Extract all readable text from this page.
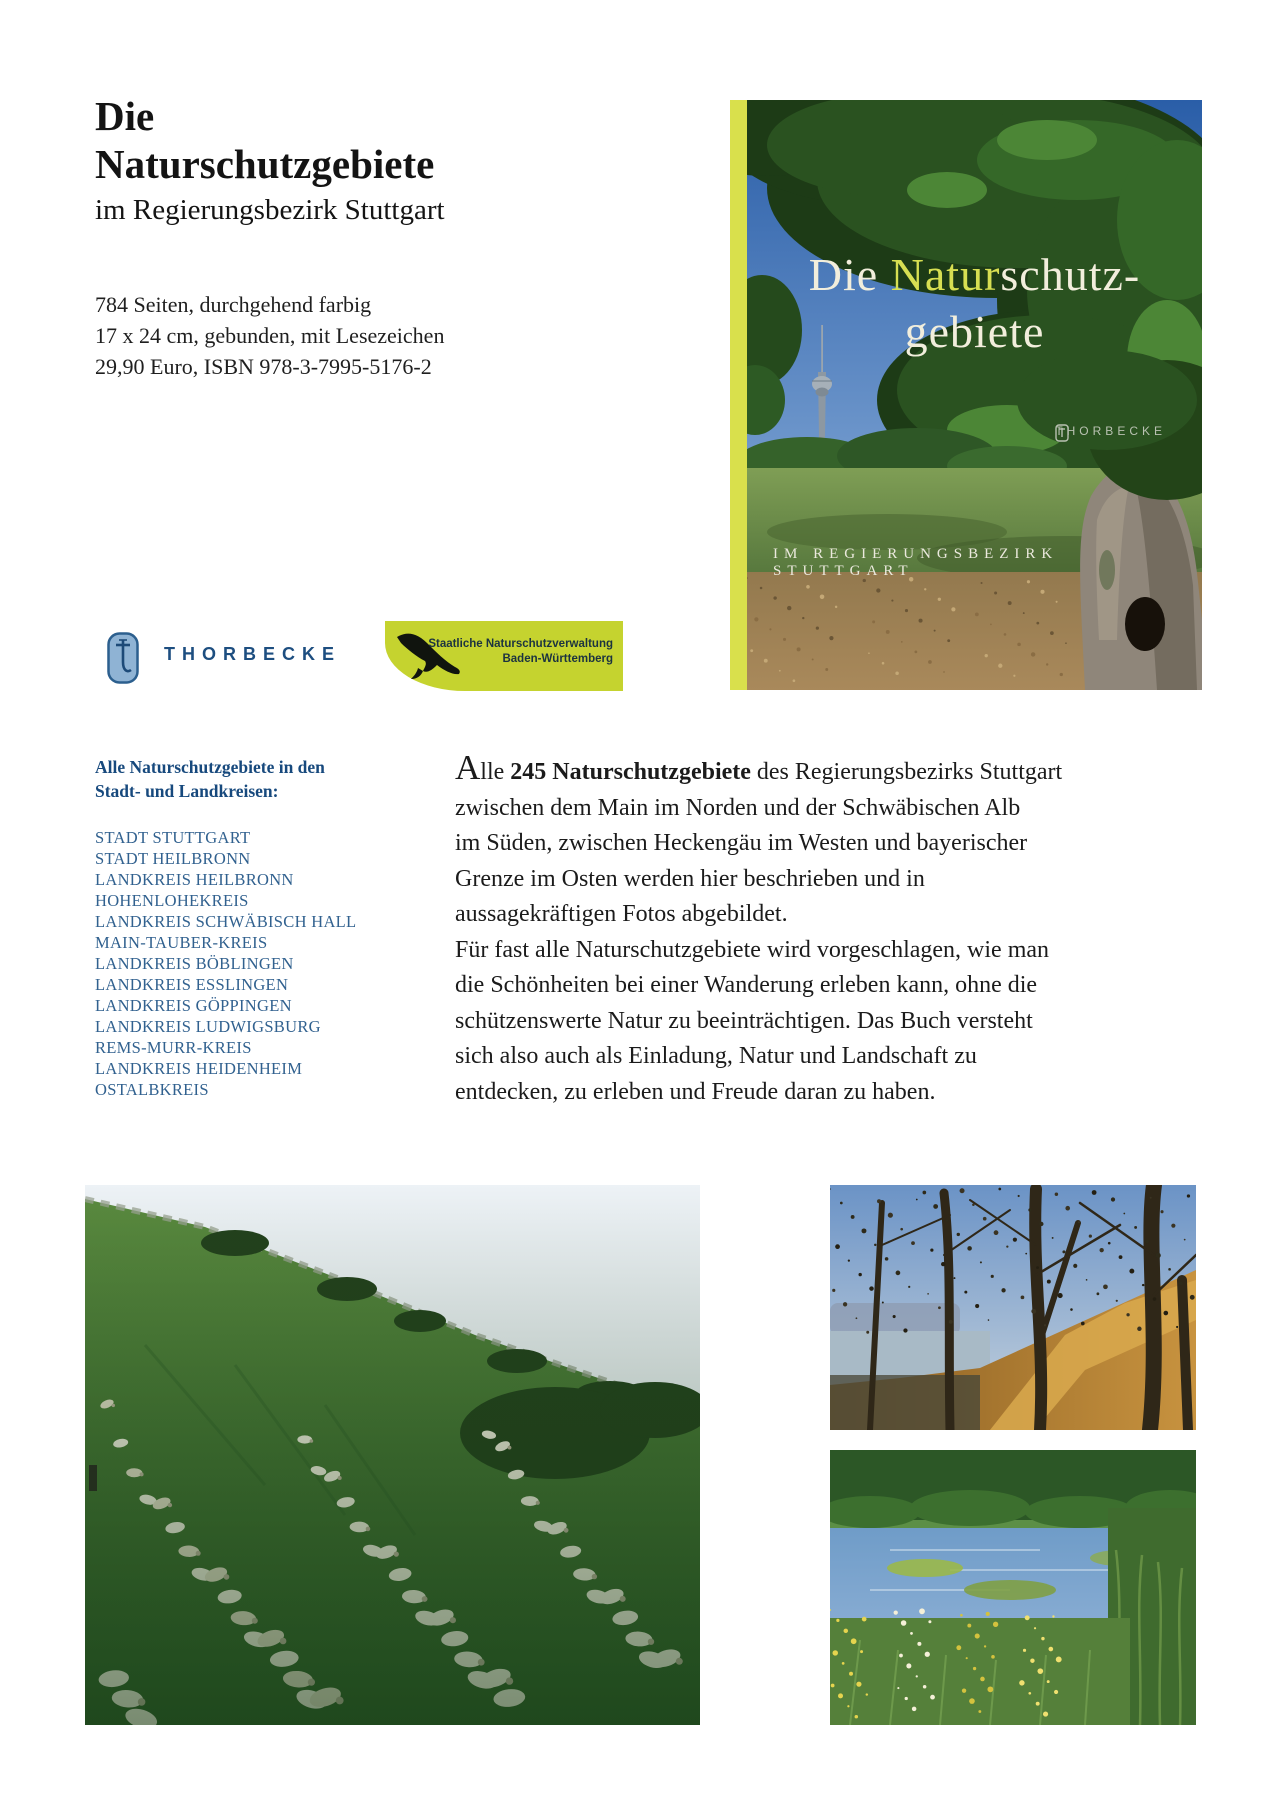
Die
Naturschutzgebiete
im Regierungsbezirk Stuttgart
784 Seiten, durchgehend farbig
17 x 24 cm, gebunden, mit Lesezeichen
29,90 Euro, ISBN 978-3-7995-5176-2
Die Naturschutz-
gebiete
THORBECKE
IM REGIERUNGSBEZIRK STUTTGART
THORBECKE	Staatliche Naturschutzverwaltung
Baden-Württemberg
Alle Naturschutzgebiete in den
Stadt- und Landkreisen:
STADT STUTTGART
STADT HEILBRONN
LANDKREIS HEILBRONN
HOHENLOHEKREIS
LANDKREIS SCHWÄBISCH HALL
MAIN-TAUBER-KREIS
LANDKREIS BÖBLINGEN
LANDKREIS ESSLINGEN
LANDKREIS GÖPPINGEN
LANDKREIS LUDWIGSBURG
REMS-MURR-KREIS
LANDKREIS HEIDENHEIM
OSTALBKREIS
Alle 245 Naturschutzgebiete des Regierungsbezirks Stuttgart
zwischen dem Main im Norden und der Schwäbischen Alb
im Süden, zwischen Heckengäu im Westen und bayerischer
Grenze im Osten werden hier beschrieben und in
aussagekräftigen Fotos abgebildet.
Für fast alle Naturschutzgebiete wird vorgeschlagen, wie man
die Schönheiten bei einer Wanderung erleben kann, ohne die
schützenswerte Natur zu beeinträchtigen. Das Buch versteht
sich also auch als Einladung, Natur und Landschaft zu
entdecken, zu erleben und Freude daran zu haben.
